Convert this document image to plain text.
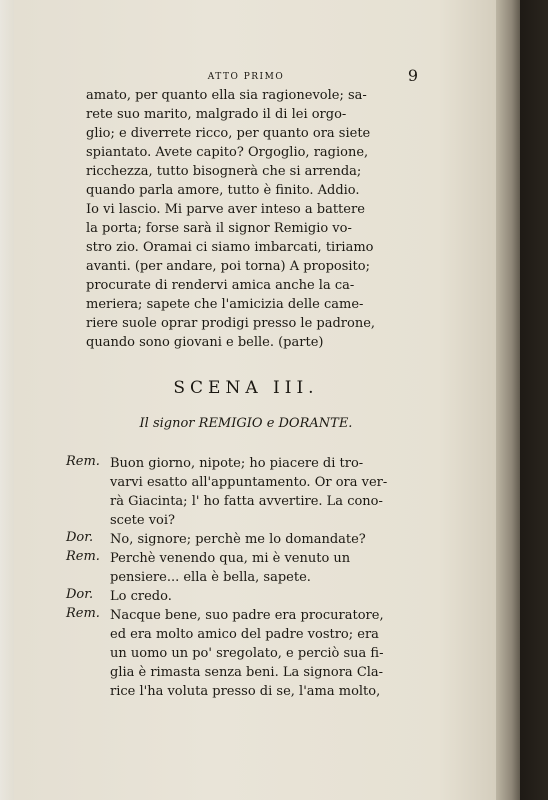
ATTO PRIMO	9
amato, per quanto ella sia ragionevole; sa-
rete suo marito, malgrado il di lei orgo-
glio; e diverrete ricco, per quanto ora siete
spiantato. Avete capito? Orgoglio, ragione,
ricchezza, tutto bisognerà che si arrenda;
quando parla amore, tutto è finito. Addio.
Io vi lascio. Mi parve aver inteso a battere
la porta; forse sarà il signor Remigio vo-
stro zio. Oramai ci siamo imbarcati, tiriamo
avanti. (per andare, poi torna) A proposito;
procurate di rendervi amica anche la ca-
meriera; sapete che l'amicizia delle came-
riere suole oprar prodigi presso le padrone,
quando sono giovani e belle. (parte)
SCENA III.
Il signor REMIGIO e DORANTE.
Rem. Buon giorno, nipote; ho piacere di tro-
varvi esatto all'appuntamento. Or ora ver-
rà Giacinta; l' ho fatta avvertire. La cono-
scete voi?
Dor. No, signore; perchè me lo domandate?
Rem. Perchè venendo qua, mi è venuto un
pensiere... ella è bella, sapete.
Dor. Lo credo.
Rem. Nacque bene, suo padre era procuratore,
ed era molto amico del padre vostro; era
un uomo un po' sregolato, e perciò sua fi-
glia è rimasta senza beni. La signora Cla-
rice l'ha voluta presso di se, l'ama molto,
